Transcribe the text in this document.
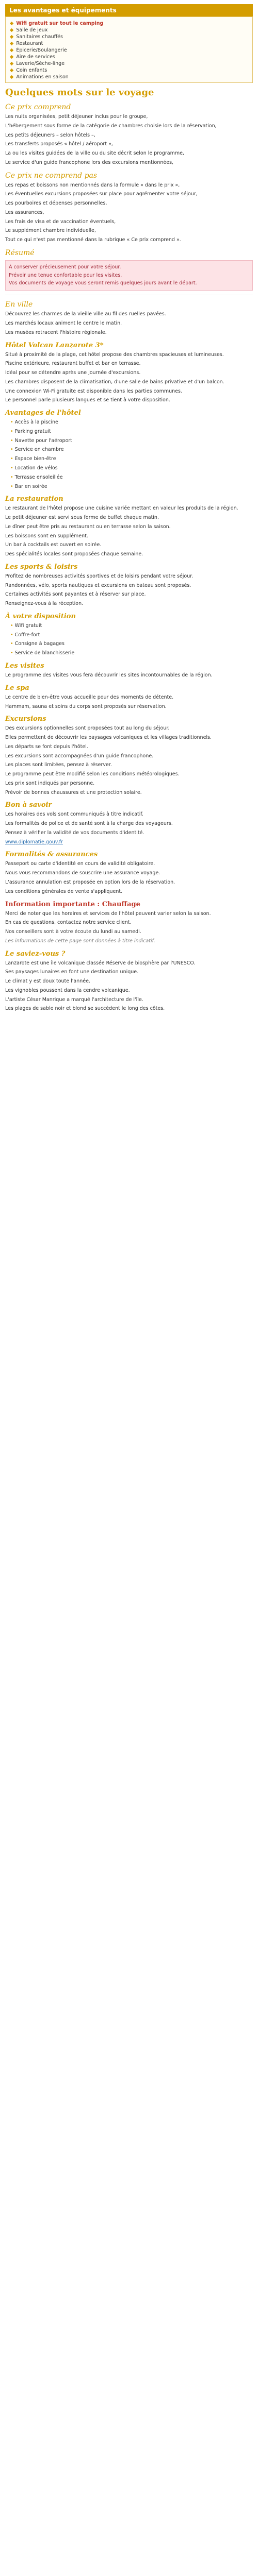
Les avantages et équipements
◆ Wifi gratuit sur tout le camping
◆ Salle de jeux
◆ Sanitaires chauffés
◆ Restaurant
◆ Épicerie/Boulangerie
◆ Aire de services
◆ Laverie/Sèche-linge
◆ Coin enfants
◆ Animations en saison
Quelques mots sur le voyage
Ce prix comprend

Les nuits organisées, petit déjeuner inclus pour le groupe,

L'hébergement sous forme de la catégorie de chambres choisie lors de la réservation,

Les petits déjeuners – selon hôtels –,

Les transferts proposés « hôtel / aéroport »,

La ou les visites guidées de la ville ou du site décrit selon le programme,

Le service d'un guide francophone lors des excursions mentionnées,

Ce prix ne comprend pas

Les repas et boissons non mentionnés dans la formule « dans le prix »,

Les éventuelles excursions proposées sur place pour agrémenter votre séjour,

Les pourboires et dépenses personnelles,

Les assurances,

Les frais de visa et de vaccination éventuels,

Le supplément chambre individuelle,

Tout ce qui n'est pas mentionné dans la rubrique « Ce prix comprend ».

Résumé

À conserver précieusement pour votre séjour.

Prévoir une tenue confortable pour les visites.

Vos documents de voyage vous seront remis quelques jours avant le départ.

En ville

Découvrez les charmes de la vieille ville au fil des ruelles pavées.

Les marchés locaux animent le centre le matin.

Les musées retracent l'histoire régionale.

Hôtel Volcan Lanzarote 3*

Situé à proximité de la plage, cet hôtel propose des chambres spacieuses et lumineuses.

Piscine extérieure, restaurant buffet et bar en terrasse.

Idéal pour se détendre après une journée d'excursions.

Les chambres disposent de la climatisation, d'une salle de bains privative et d'un balcon.

Une connexion Wi-Fi gratuite est disponible dans les parties communes.

Le personnel parle plusieurs langues et se tient à votre disposition.

Avantages de l'hôtel

• Accès à la piscine

• Parking gratuit

• Navette pour l'aéroport

• Service en chambre

• Espace bien-être

• Location de vélos

• Terrasse ensoleillée

• Bar en soirée

La restauration

Le restaurant de l'hôtel propose une cuisine variée mettant en valeur les produits de la région.

Le petit déjeuner est servi sous forme de buffet chaque matin.

Le dîner peut être pris au restaurant ou en terrasse selon la saison.

Les boissons sont en supplément.

Un bar à cocktails est ouvert en soirée.

Des spécialités locales sont proposées chaque semaine.

Les sports & loisirs

Profitez de nombreuses activités sportives et de loisirs pendant votre séjour.

Randonnées, vélo, sports nautiques et excursions en bateau sont proposés.

Certaines activités sont payantes et à réserver sur place.

Renseignez-vous à la réception.

À votre disposition

• Wifi gratuit

• Coffre-fort

• Consigne à bagages

• Service de blanchisserie

Les visites

Le programme des visites vous fera découvrir les sites incontournables de la région.

Le spa

Le centre de bien-être vous accueille pour des moments de détente.

Hammam, sauna et soins du corps sont proposés sur réservation.

Excursions

Des excursions optionnelles sont proposées tout au long du séjour.

Elles permettent de découvrir les paysages volcaniques et les villages traditionnels.

Les départs se font depuis l'hôtel.

Les excursions sont accompagnées d'un guide francophone.

Les places sont limitées, pensez à réserver.

Le programme peut être modifié selon les conditions météorologiques.

Les prix sont indiqués par personne.

Prévoir de bonnes chaussures et une protection solaire.

Bon à savoir

Les horaires des vols sont communiqués à titre indicatif.

Les formalités de police et de santé sont à la charge des voyageurs.

Pensez à vérifier la validité de vos documents d'identité.

www.diplomatie.gouv.fr

Formalités & assurances

Passeport ou carte d'identité en cours de validité obligatoire.

Nous vous recommandons de souscrire une assurance voyage.

L'assurance annulation est proposée en option lors de la réservation.

Les conditions générales de vente s'appliquent.

Information importante : Chauffage

Merci de noter que les horaires et services de l'hôtel peuvent varier selon la saison.

En cas de questions, contactez notre service client.

Nos conseillers sont à votre écoute du lundi au samedi.

Les informations de cette page sont données à titre indicatif.

Le saviez-vous ?

Lanzarote est une île volcanique classée Réserve de biosphère par l'UNESCO.

Ses paysages lunaires en font une destination unique.

Le climat y est doux toute l'année.

Les vignobles poussent dans la cendre volcanique.

L'artiste César Manrique a marqué l'architecture de l'île.

Les plages de sable noir et blond se succèdent le long des côtes.
